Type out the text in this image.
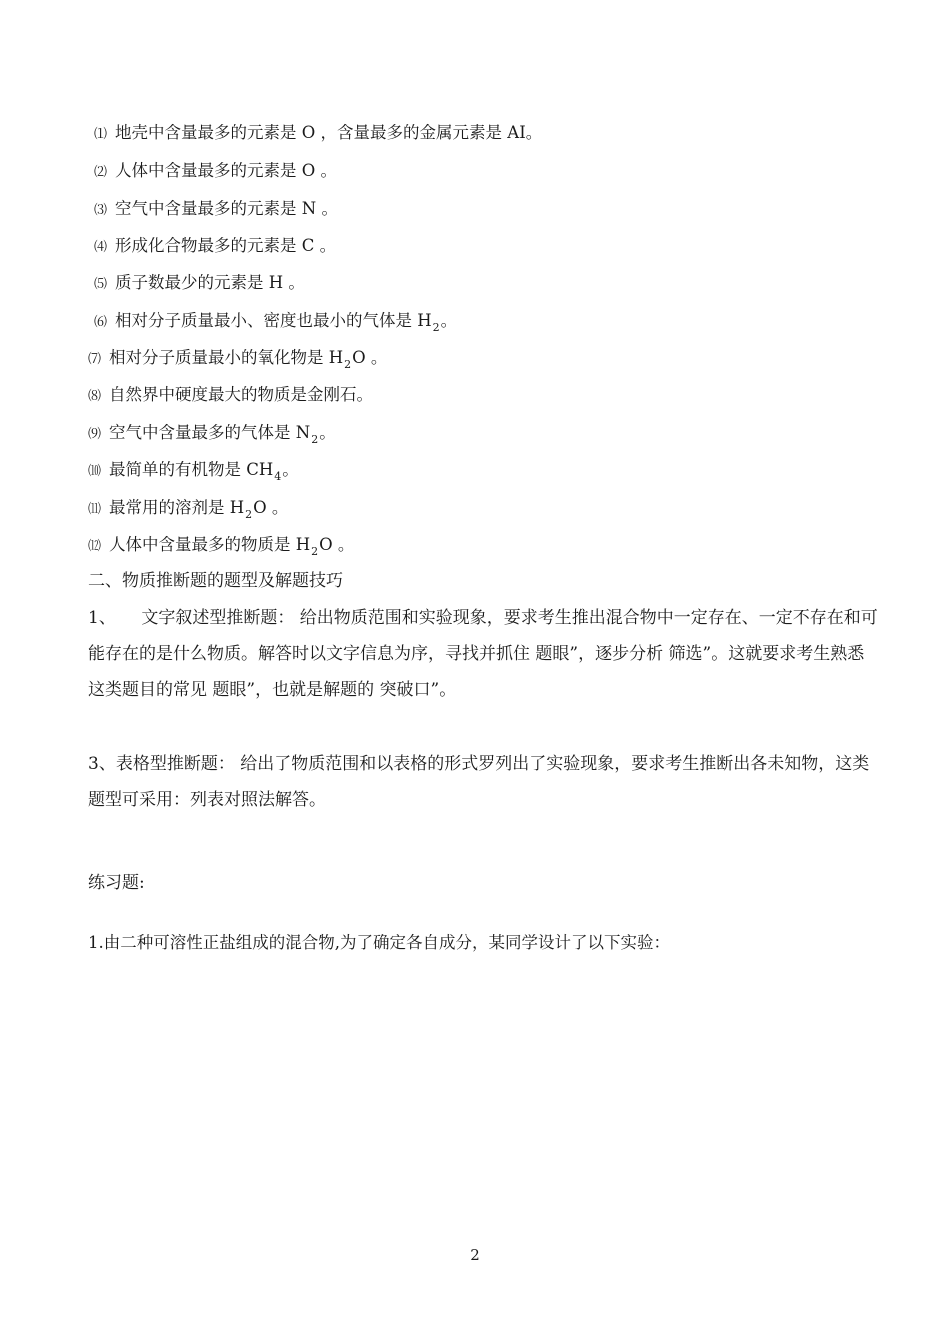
⑴ 地壳中含量最多的元素是 O ，含量最多的金属元素是 AI。
⑵ 人体中含量最多的元素是 O 。
⑶ 空气中含量最多的元素是 N 。
⑷ 形成化合物最多的元素是 C 。
⑸ 质子数最少的元素是 H 。
⑹ 相对分子质量最小、密度也最小的气体是 $H_2$。
⑺ 相对分子质量最小的氧化物是 $H_2O$ 。
⑻ 自然界中硬度最大的物质是金刚石。
⑼ 空气中含量最多的气体是 $N_2$。
⑽ 最简单的有机物是 $CH_4$。
⑾ 最常用的溶剂是 $H_2O$ 。
⑿ 人体中含量最多的物质是 $H_2O$ 。
二、物质推断题的题型及解题技巧
1、　　文字叙述型推断题： 给出物质范围和实验现象，要求考生推出混合物中一定存在、一定不存在和可能存在的是什么物质。解答时以文字信息为序，寻找并抓住 题眼”，逐步分析 筛选”。这就要求考生熟悉这类题目的常见 题眼”，也就是解题的 突破口”。
3、表格型推断题： 给出了物质范围和以表格的形式罗列出了实验现象，要求考生推断出各未知物，这类题型可采用：列表对照法解答。
练习题:
1.由二种可溶性正盐组成的混合物,为了确定各自成分，某同学设计了以下实验：
2
